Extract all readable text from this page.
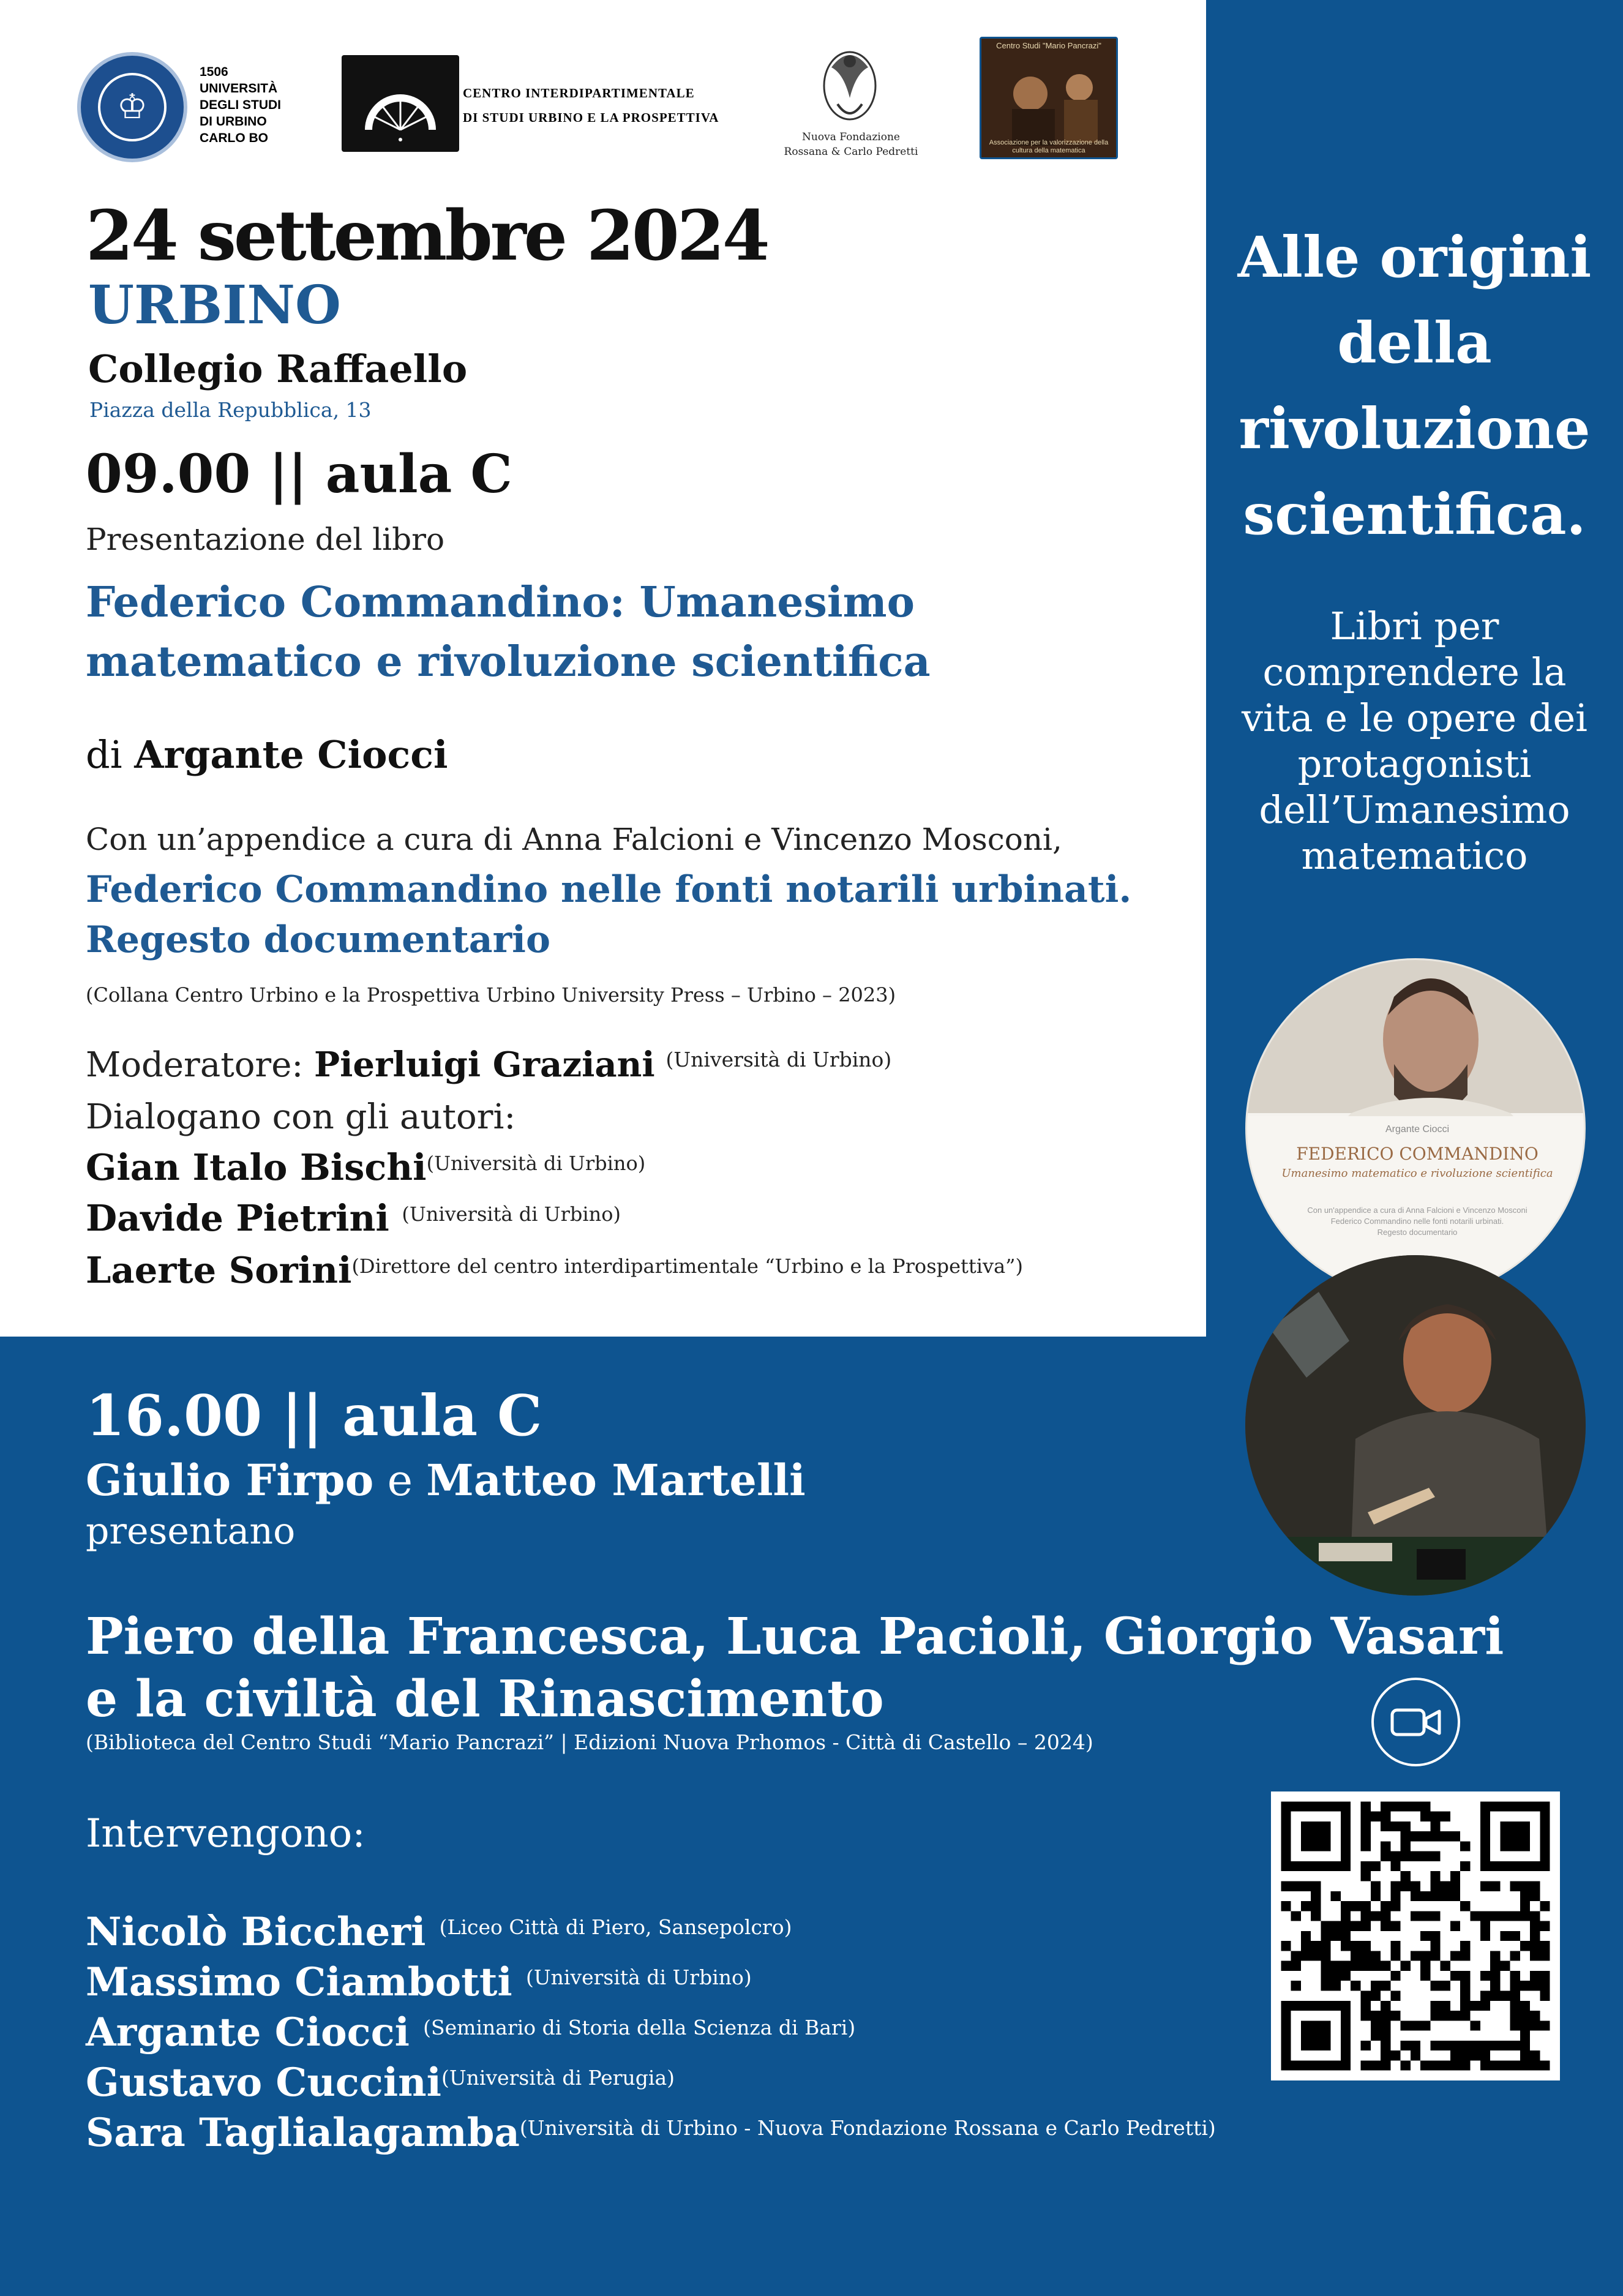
♔
1506
UNIVERSITÀ
DEGLI STUDI
DI URBINO
CARLO BO
CENTRO INTERDIPARTIMENTALE
DI STUDI URBINO E LA PROSPETTIVA
Nuova Fondazione
Rossana & Carlo Pedretti
Centro Studi "Mario Pancrazi"
Associazione per la valorizzazione della cultura della matematica
24 settembre 2024
URBINO
Collegio Raffaello
Piazza della Repubblica, 13
09.00 || aula C
Presentazione del libro
Federico Commandino: Umanesimo
matematico e rivoluzione scientifica
di Argante Ciocci
Con un’appendice a cura di Anna Falcioni e Vincenzo Mosconi,
Federico Commandino nelle fonti notarili urbinati.
Regesto documentario
(Collana Centro Urbino e la Prospettiva Urbino University Press – Urbino – 2023)
Moderatore: Pierluigi Graziani $^{(Università di Urbino)}$
Dialogano con gli autori:
Gian Italo Bischi$^{(Università di Urbino)}$
Davide Pietrini $^{(Università di Urbino)}$
Laerte Sorini$^{(Direttore del centro interdipartimentale “Urbino e la Prospettiva”)}$
Alle origini
della
rivoluzione
scientifica.
Libri per
comprendere la
vita e le opere dei
protagonisti
dell’Umanesimo
matematico
Argante Ciocci
FEDERICO COMMANDINO
Umanesimo matematico e rivoluzione scientifica
Con un'appendice a cura di Anna Falcioni e Vincenzo Mosconi
Federico Commandino nelle fonti notarili urbinati.
Regesto documentario
16.00 || aula C
Giulio Firpo e Matteo Martelli
presentano
Piero della Francesca, Luca Pacioli, Giorgio Vasari
e la civiltà del Rinascimento
(Biblioteca del Centro Studi “Mario Pancrazi” | Edizioni Nuova Prhomos - Città di Castello – 2024)
Intervengono:
Nicolò Biccheri $^{(Liceo Città di Piero, Sansepolcro)}$
Massimo Ciambotti $^{(Università di Urbino)}$
Argante Ciocci $^{(Seminario di Storia della Scienza di Bari)}$
Gustavo Cuccini$^{(Università di Perugia)}$
Sara Taglialagamba$^{(Università di Urbino - Nuova Fondazione Rossana e Carlo Pedretti)}$
